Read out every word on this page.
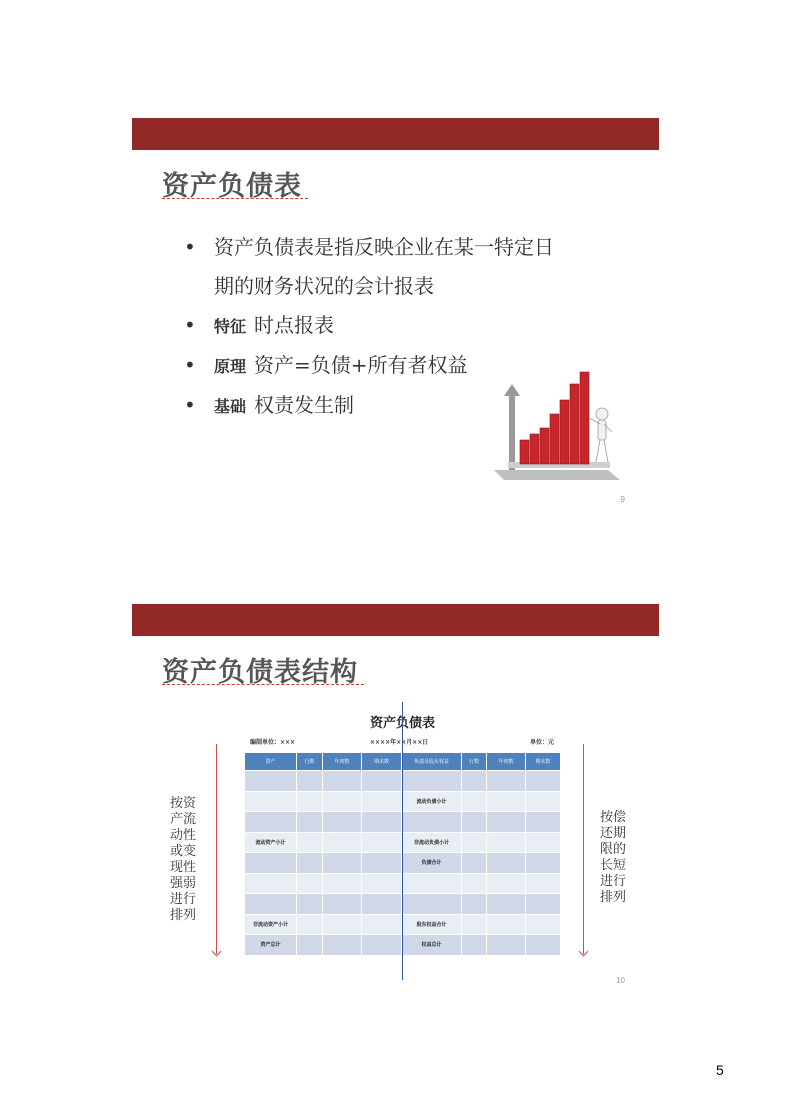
资产负债表
• 资产负债表是指反映企业在某一特定日
期的财务状况的会计报表
• 特征 时点报表
• 原理 资产=负债+所有者权益
• 基础 权责发生制
9
资产负债表结构
资产负债表
编制单位：×××	××××年××月××日	单位：元
按资产流动性或变现性强弱进行排列
按偿还期限的长短进行排列
资产	行数	年初数	期末数	负债及股东权益	行数	年初数	期末数

				流动负债小计			

流动资产小计				非流动负债小计			
				负债合计			

非流动资产小计				股东权益合计			
资产总计				权益总计			
10
5
